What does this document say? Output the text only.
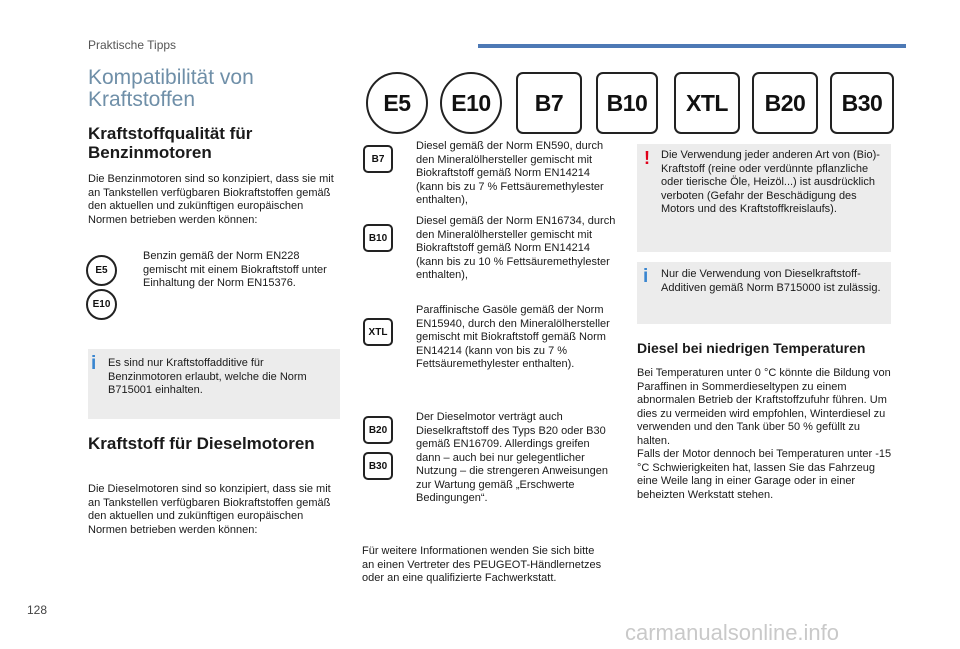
Praktische Tipps
Kompatibilität von Kraftstoffen	E5 E10 B7 B10 XTL B20 B30
Kraftstoffqualität für Benzinmotoren
Die Benzinmotoren sind so konzipiert, dass sie mit an Tankstellen verfügbaren Biokraftstoffen gemäß den aktuellen und zukünftigen europäischen Normen betrieben werden können:
E5
Benzin gemäß der Norm EN228 gemischt mit einem Biokraftstoff unter Einhaltung der Norm EN15376.
E10
i Es sind nur Kraftstoffadditive für Benzinmotoren erlaubt, welche die Norm B715001 einhalten.
Kraftstoff für Dieselmotoren
Die Dieselmotoren sind so konzipiert, dass sie mit an Tankstellen verfügbaren Biokraftstoffen gemäß den aktuellen und zukünftigen europäischen Normen betrieben werden können:
B7
Diesel gemäß der Norm EN590, durch den Mineralölhersteller gemischt mit Biokraftstoff gemäß Norm EN14214 (kann bis zu 7 % Fettsäuremethylester enthalten),
B10
Diesel gemäß der Norm EN16734, durch den Mineralölhersteller gemischt mit Biokraftstoff gemäß Norm EN14214 (kann bis zu 10 % Fettsäuremethylester enthalten),
XTL
Paraffinische Gasöle gemäß der Norm EN15940, durch den Mineralölhersteller gemischt mit Biokraftstoff gemäß Norm EN14214 (kann von bis zu 7 % Fettsäuremethylester enthalten).
B20
B30
Der Dieselmotor verträgt auch Dieselkraftstoff des Typs B20 oder B30 gemäß EN16709. Allerdings greifen dann – auch bei nur gelegentlicher Nutzung – die strengeren Anweisungen zur Wartung gemäß „Erschwerte Bedingungen“.
Für weitere Informationen wenden Sie sich bitte an einen Vertreter des PEUGEOT-Händlernetzes oder an eine qualifizierte Fachwerkstatt.
! Die Verwendung jeder anderen Art von (Bio)-Kraftstoff (reine oder verdünnte pflanzliche oder tierische Öle, Heizöl...) ist ausdrücklich verboten (Gefahr der Beschädigung des Motors und des Kraftstoffkreislaufs).
i Nur die Verwendung von Dieselkraftstoff-Additiven gemäß Norm B715000 ist zulässig.
Diesel bei niedrigen Temperaturen
Bei Temperaturen unter 0 °C könnte die Bildung von Paraffinen in Sommerdieseltypen zu einem abnormalen Betrieb der Kraftstoffzufuhr führen. Um dies zu vermeiden wird empfohlen, Winterdiesel zu verwenden und den Tank über 50 % gefüllt zu halten.
Falls der Motor dennoch bei Temperaturen unter -15 °C Schwierigkeiten hat, lassen Sie das Fahrzeug eine Weile lang in einer Garage oder in einer beheizten Werkstatt stehen.
128
carmanualsonline.info
